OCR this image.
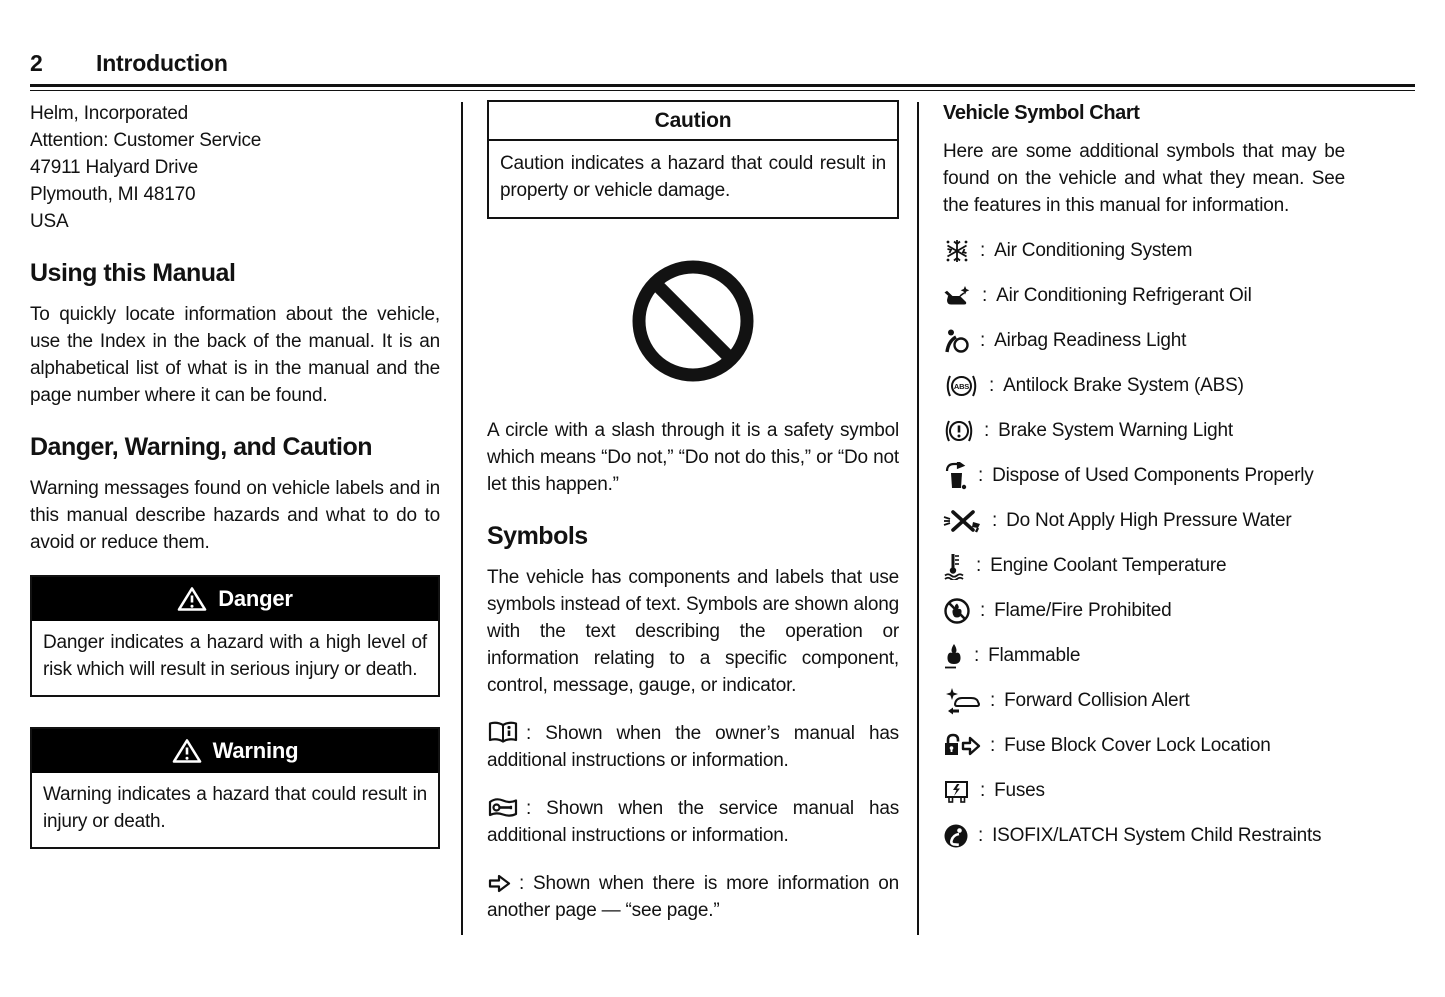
2 Introduction
Helm, Incorporated
Attention: Customer Service
47911 Halyard Drive
Plymouth, MI 48170
USA
Using this Manual

To quickly locate information about the vehicle, use the Index in the back of the manual. It is an alphabetical list of what is in the manual and the page number where it can be found.

Danger, Warning, and Caution

Warning messages found on vehicle labels and in this manual describe hazards and what to do to avoid or reduce them.

Danger
Danger indicates a hazard with a high level of risk which will result in serious injury or death.
Warning
Warning indicates a hazard that could result in injury or death.
Caution
Caution indicates a hazard that could result in property or vehicle damage.

A circle with a slash through it is a safety symbol which means “Do not,” “Do not do this,” or “Do not let this happen.”

Symbols

The vehicle has components and labels that use symbols instead of text. Symbols are shown along with the text describing the operation or information relating to a specific component, control, message, gauge, or indicator.

: Shown when the owner’s manual has additional instructions or information.
: Shown when the service manual has additional instructions or information.
: Shown when there is more information on another page — “see page.”
Vehicle Symbol Chart

Here are some additional symbols that may be found on the vehicle and what they mean. See the features in this manual for information.

: Air Conditioning System
: Air Conditioning Refrigerant Oil
: Airbag Readiness Light
ABS : Antilock Brake System (ABS)
: Brake System Warning Light
: Dispose of Used Components Properly
: Do Not Apply High Pressure Water
: Engine Coolant Temperature
: Flame/Fire Prohibited
: Flammable
: Forward Collision Alert
: Fuse Block Cover Lock Location
: Fuses
: ISOFIX/LATCH System Child Restraints
